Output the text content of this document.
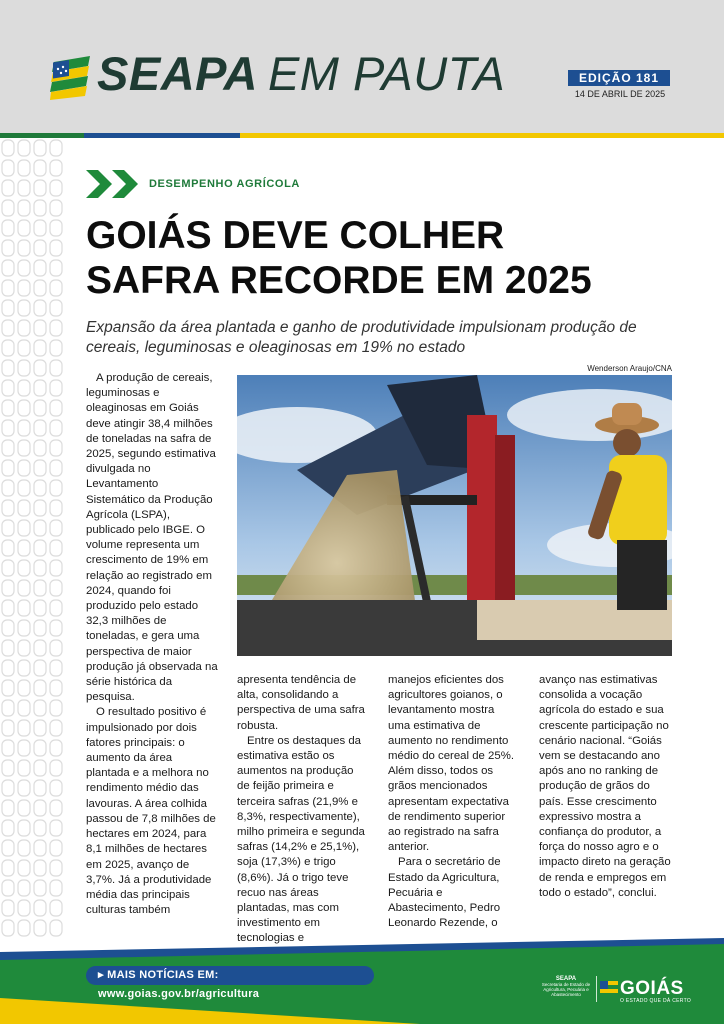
SEAPA EM PAUTA	EDIÇÃO 181
14 DE ABRIL DE 2025
DESEMPENHO AGRÍCOLA
GOIÁS DEVE COLHER
SAFRA RECORDE EM 2025

Expansão da área plantada e ganho de produtividade impulsionam produção de cereais, leguminosas e oleaginosas em 19% no estado

Wenderson Araujo/CNA

A produção de cereais, leguminosas e oleaginosas em Goiás deve atingir 38,4 milhões de toneladas na safra de 2025, segundo estimativa divulgada no Levantamento Sistemático da Produção Agrícola (LSPA), publicado pelo IBGE. O volume representa um crescimento de 19% em relação ao registrado em 2024, quando foi produzido pelo estado 32,3 milhões de toneladas, e gera uma perspectiva de maior produção já observada na série histórica da pesquisa.

O resultado positivo é impulsionado por dois fatores principais: o aumento da área plantada e a melhora no rendimento médio das lavouras. A área colhida passou de 7,8 milhões de hectares em 2024, para 8,1 milhões de hectares em 2025, avanço de 3,7%. Já a produtividade média das principais culturas também

apresenta tendência de alta, consolidando a perspectiva de uma safra robusta.

Entre os destaques da estimativa estão os aumentos na produção de feijão primeira e terceira safras (21,9% e 8,3%, respectivamente), milho primeira e segunda safras (14,2% e 25,1%), soja (17,3%) e trigo (8,6%). Já o trigo teve recuo nas áreas plantadas, mas com investimento em tecnologias e

manejos eficientes dos agricultores goianos, o levantamento mostra uma estimativa de aumento no rendimento médio do cereal de 25%. Além disso, todos os grãos mencionados apresentam expectativa de rendimento superior ao registrado na safra anterior.

Para o secretário de Estado da Agricultura, Pecuária e Abastecimento, Pedro Leonardo Rezende, o

avanço nas estimativas consolida a vocação agrícola do estado e sua crescente participação no cenário nacional. “Goiás vem se destacando ano após ano no ranking de produção de grãos do país. Esse crescimento expressivo mostra a confiança do produtor, a força do nosso agro e o impacto direto na geração de renda e empregos em todo o estado”, conclui.

▸ MAIS NOTÍCIAS EM: www.goias.gov.br/agricultura
SEAPA
Secretaria de Estado de Agricultura, Pecuária e Abastecimento	GOIÁS
O ESTADO QUE DÁ CERTO
